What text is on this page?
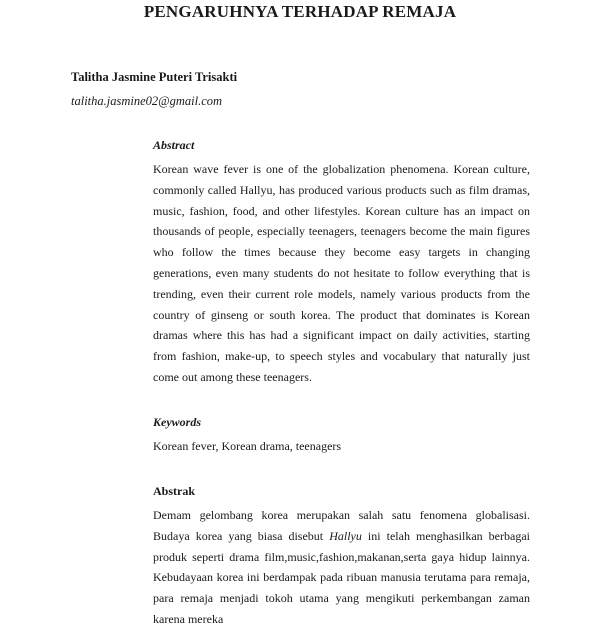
PENGARUHNYA TERHADAP REMAJA
Talitha Jasmine Puteri Trisakti
talitha.jasmine02@gmail.com
Abstract

Korean wave fever is one of the globalization phenomena. Korean culture, commonly called Hallyu, has produced various products such as film dramas, music, fashion, food, and other lifestyles. Korean culture has an impact on thousands of people, especially teenagers, teenagers become the main figures who follow the times because they become easy targets in changing generations, even many students do not hesitate to follow everything that is trending, even their current role models, namely various products from the country of ginseng or south korea. The product that dominates is Korean dramas where this has had a significant impact on daily activities, starting from fashion, make-up, to speech styles and vocabulary that naturally just come out among these teenagers.

Keywords

Korean fever, Korean drama, teenagers

Abstrak

Demam gelombang korea merupakan salah satu fenomena globalisasi. Budaya korea yang biasa disebut Hallyu ini telah menghasilkan berbagai produk seperti drama film,music,fashion,makanan,serta gaya hidup lainnya. Kebudayaan korea ini berdampak pada ribuan manusia terutama para remaja, para remaja menjadi tokoh utama yang mengikuti perkembangan zaman karena mereka
